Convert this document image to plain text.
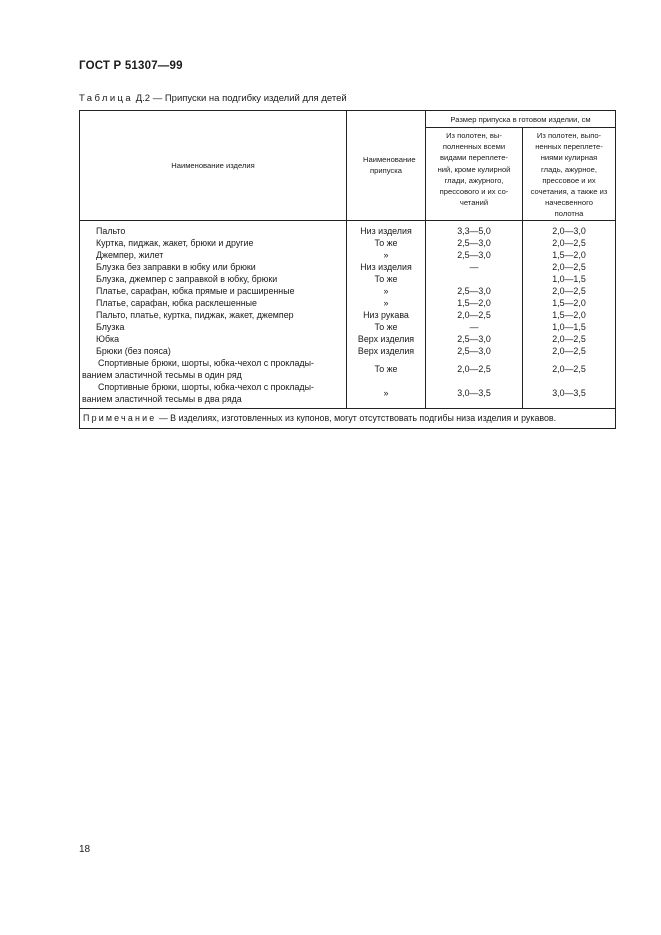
ГОСТ Р 51307—99
Таблица Д.2 — Припуски на подгибку изделий для детей
Наименование изделия	Наименование припуска	Размер припуска в готовом изделии, см	

		Из полотен, вы-полненных всеми видами переплете-ний, кроме кулирной глади, ажурного, прессового и их со-четаний	Из полотен, выпо-ненных переплете-ниями кулирная гладь, ажурное, прессовое и их сочетания, а также из начесвенного полотна

Пальто	Низ изделия	3,3—5,0	2,0—3,0
Куртка, пиджак, жакет, брюки и другие	То же	2,5—3,0	2,0—2,5
Джемпер, жилет	»	2,5—3,0	1,5—2,0
Блузка без заправки в юбку или брюки	Низ изделия	—	2,0—2,5
Блузка, джемпер с заправкой в юбку, брюки	То же		1,0—1,5
Платье, сарафан, юбка прямые и расширенные	»	2,5—3,0	2,0—2,5
Платье, сарафан, юбка расклешенные	»	1,5—2,0	1,5—2,0
Пальто, платье, куртка, пиджак, жакет, джемпер	Низ рукава	2,0—2,5	1,5—2,0
Блузка	То же	—	1,0—1,5
Юбка	Верх изделия	2,5—3,0	2,0—2,5
Брюки (без пояса)	Верх изделия	2,5—3,0	2,0—2,5
Спортивные брюки, шорты, юбка-чехол с проклады-ванием эластичной тесьмы в один ряд	То же	2,0—2,5	2,0—2,5
Спортивные брюки, шорты, юбка-чехол с проклады-ванием эластичной тесьмы в два ряда	»	3,0—3,5	3,0—3,5
Примечание — В изделиях, изготовленных из купонов, могут отсутствовать подгибы низа изделия и рукавов.			
18
